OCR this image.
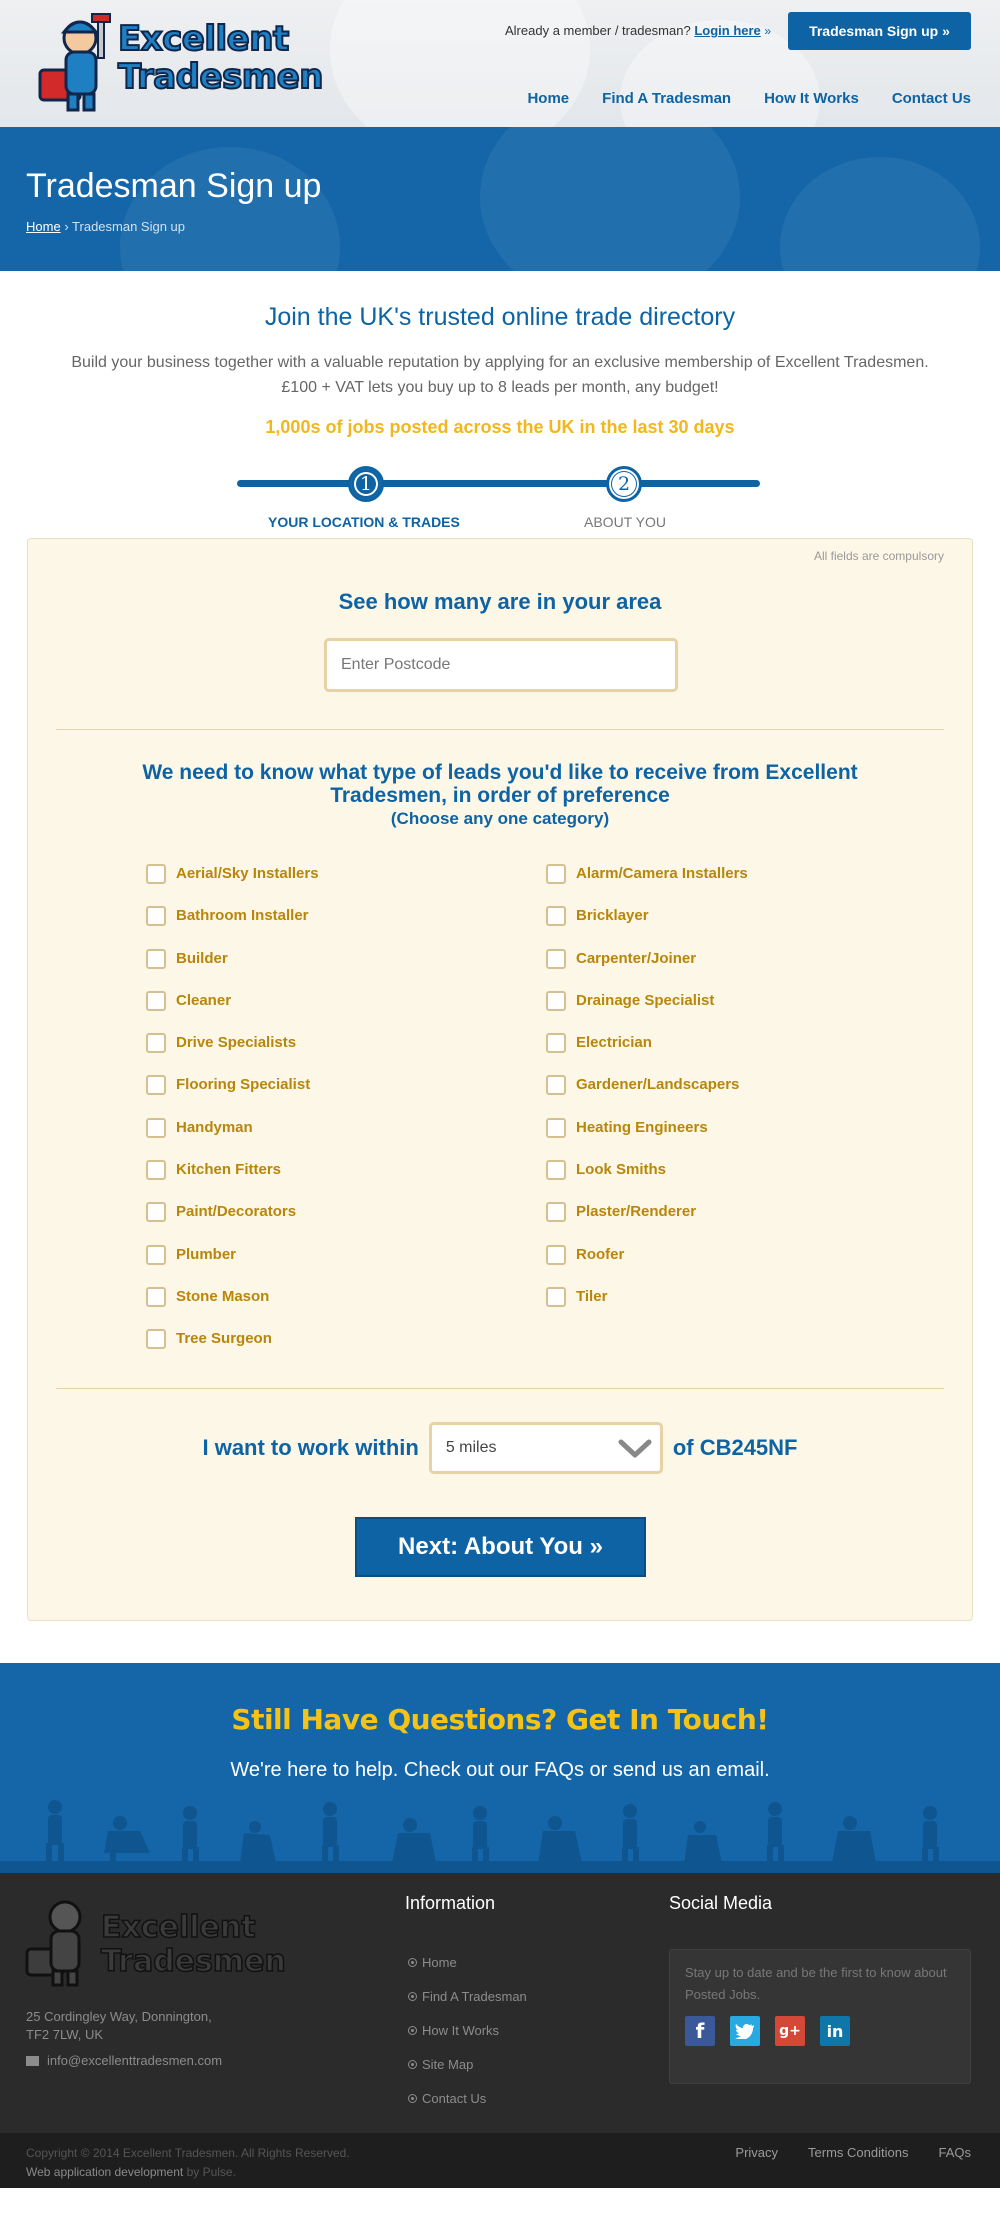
Excellent
Tradesmen
Already a member / tradesman? Login here »	Tradesman Sign up »
Home Find A Tradesman How It Works Contact Us
Tradesman Sign up
Home › Tradesman Sign up
Join the UK's trusted online trade directory

Build your business together with a valuable reputation by applying for an exclusive membership of Excellent Tradesmen.

£100 + VAT lets you buy up to 8 leads per month, any budget!

1,000s of jobs posted across the UK in the last 30 days
1	2
YOUR LOCATION & TRADES	ABOUT YOU
All fields are compulsory
See how many are in your area
Enter Postcode
We need to know what type of leads you'd like to receive from Excellent Tradesmen, in order of preference
(Choose any one category)
Aerial/Sky Installers	Alarm/Camera Installers
Bathroom Installer	Bricklayer
Builder	Carpenter/Joiner
Cleaner	Drainage Specialist
Drive Specialists	Electrician
Flooring Specialist	Gardener/Landscapers
Handyman	Heating Engineers
Kitchen Fitters	Look Smiths
Paint/Decorators	Plaster/Renderer
Plumber	Roofer
Stone Mason	Tiler
Tree Surgeon
I want to work within 5 miles	of CB245NF
Next: About You »
Still Have Questions? Get In Touch!

We're here to help. Check out our FAQs or send us an email.

Excellent
Tradesmen
25 Cordingley Way, Donnington,
TF2 7LW, UK
info@excellenttradesmen.com
Information
Home
Find A Tradesman
How It Works
Site Map
Contact Us
Social Media

Stay up to date and be the first to know about Posted Jobs.

f	g+	in
Copyright © 2014 Excellent Tradesmen. All Rights Reserved.
Web application development by Pulse.
Privacy Terms Conditions FAQs
